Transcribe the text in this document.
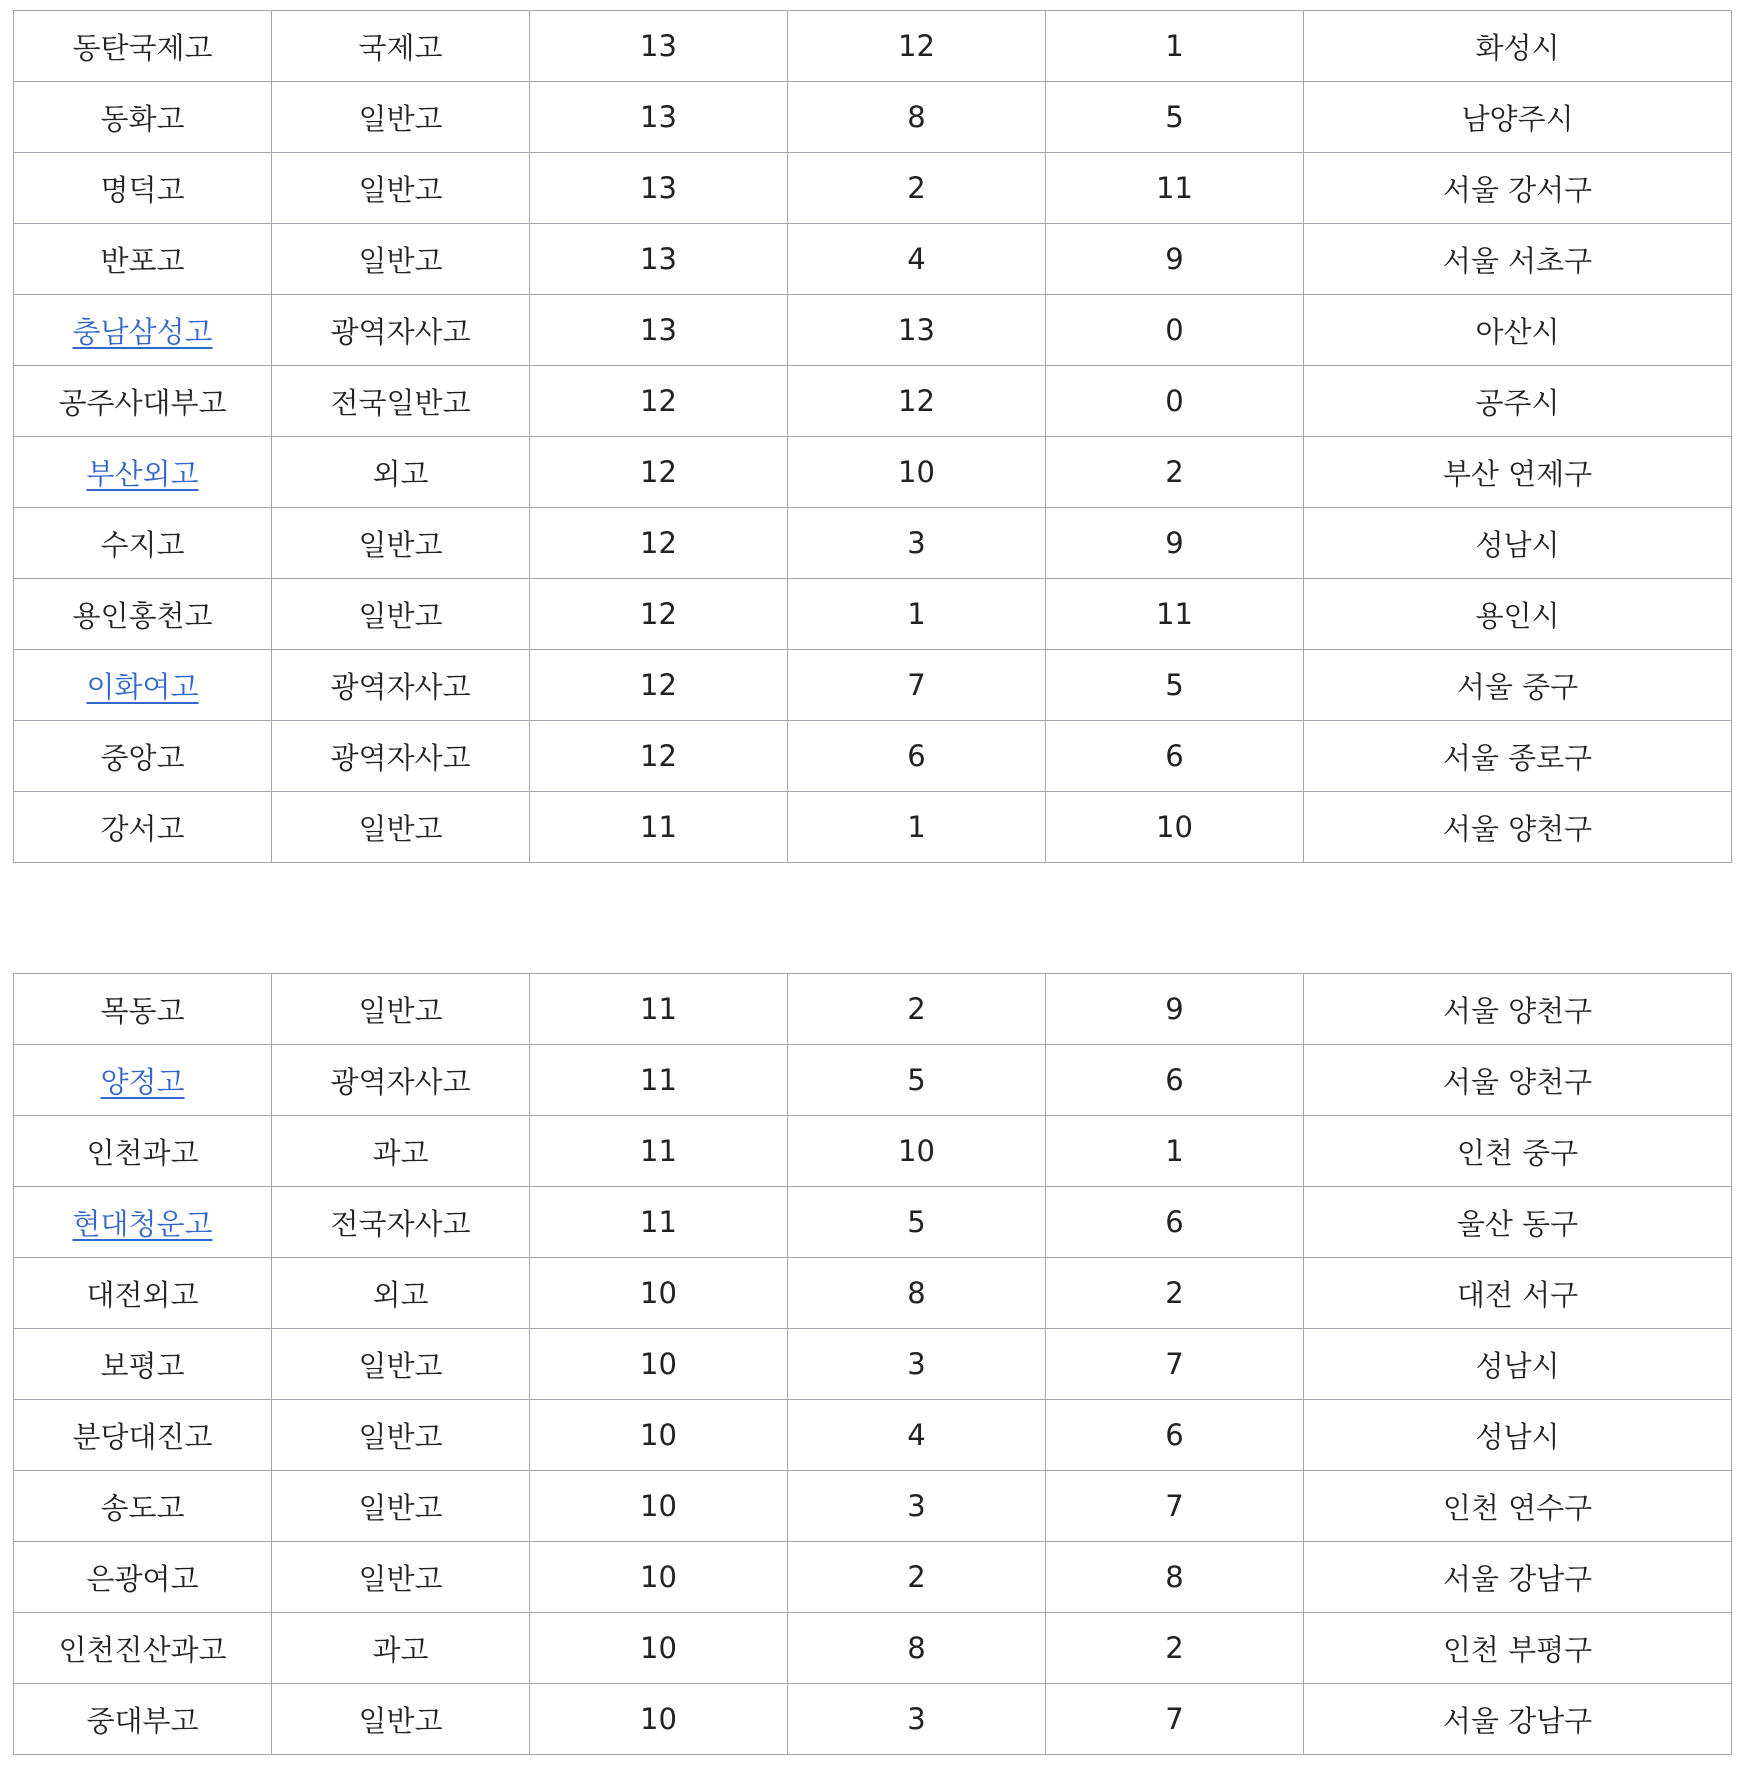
동탄국제고	국제고	13	12	1	화성시
동화고	일반고	13	8	5	남양주시
명덕고	일반고	13	2	11	서울 강서구
반포고	일반고	13	4	9	서울 서초구
충남삼성고	광역자사고	13	13	0	아산시
공주사대부고	전국일반고	12	12	0	공주시
부산외고	외고	12	10	2	부산 연제구
수지고	일반고	12	3	9	성남시
용인홍천고	일반고	12	1	11	용인시
이화여고	광역자사고	12	7	5	서울 중구
중앙고	광역자사고	12	6	6	서울 종로구
강서고	일반고	11	1	10	서울 양천구
목동고	일반고	11	2	9	서울 양천구
양정고	광역자사고	11	5	6	서울 양천구
인천과고	과고	11	10	1	인천 중구
현대청운고	전국자사고	11	5	6	울산 동구
대전외고	외고	10	8	2	대전 서구
보평고	일반고	10	3	7	성남시
분당대진고	일반고	10	4	6	성남시
송도고	일반고	10	3	7	인천 연수구
은광여고	일반고	10	2	8	서울 강남구
인천진산과고	과고	10	8	2	인천 부평구
중대부고	일반고	10	3	7	서울 강남구
